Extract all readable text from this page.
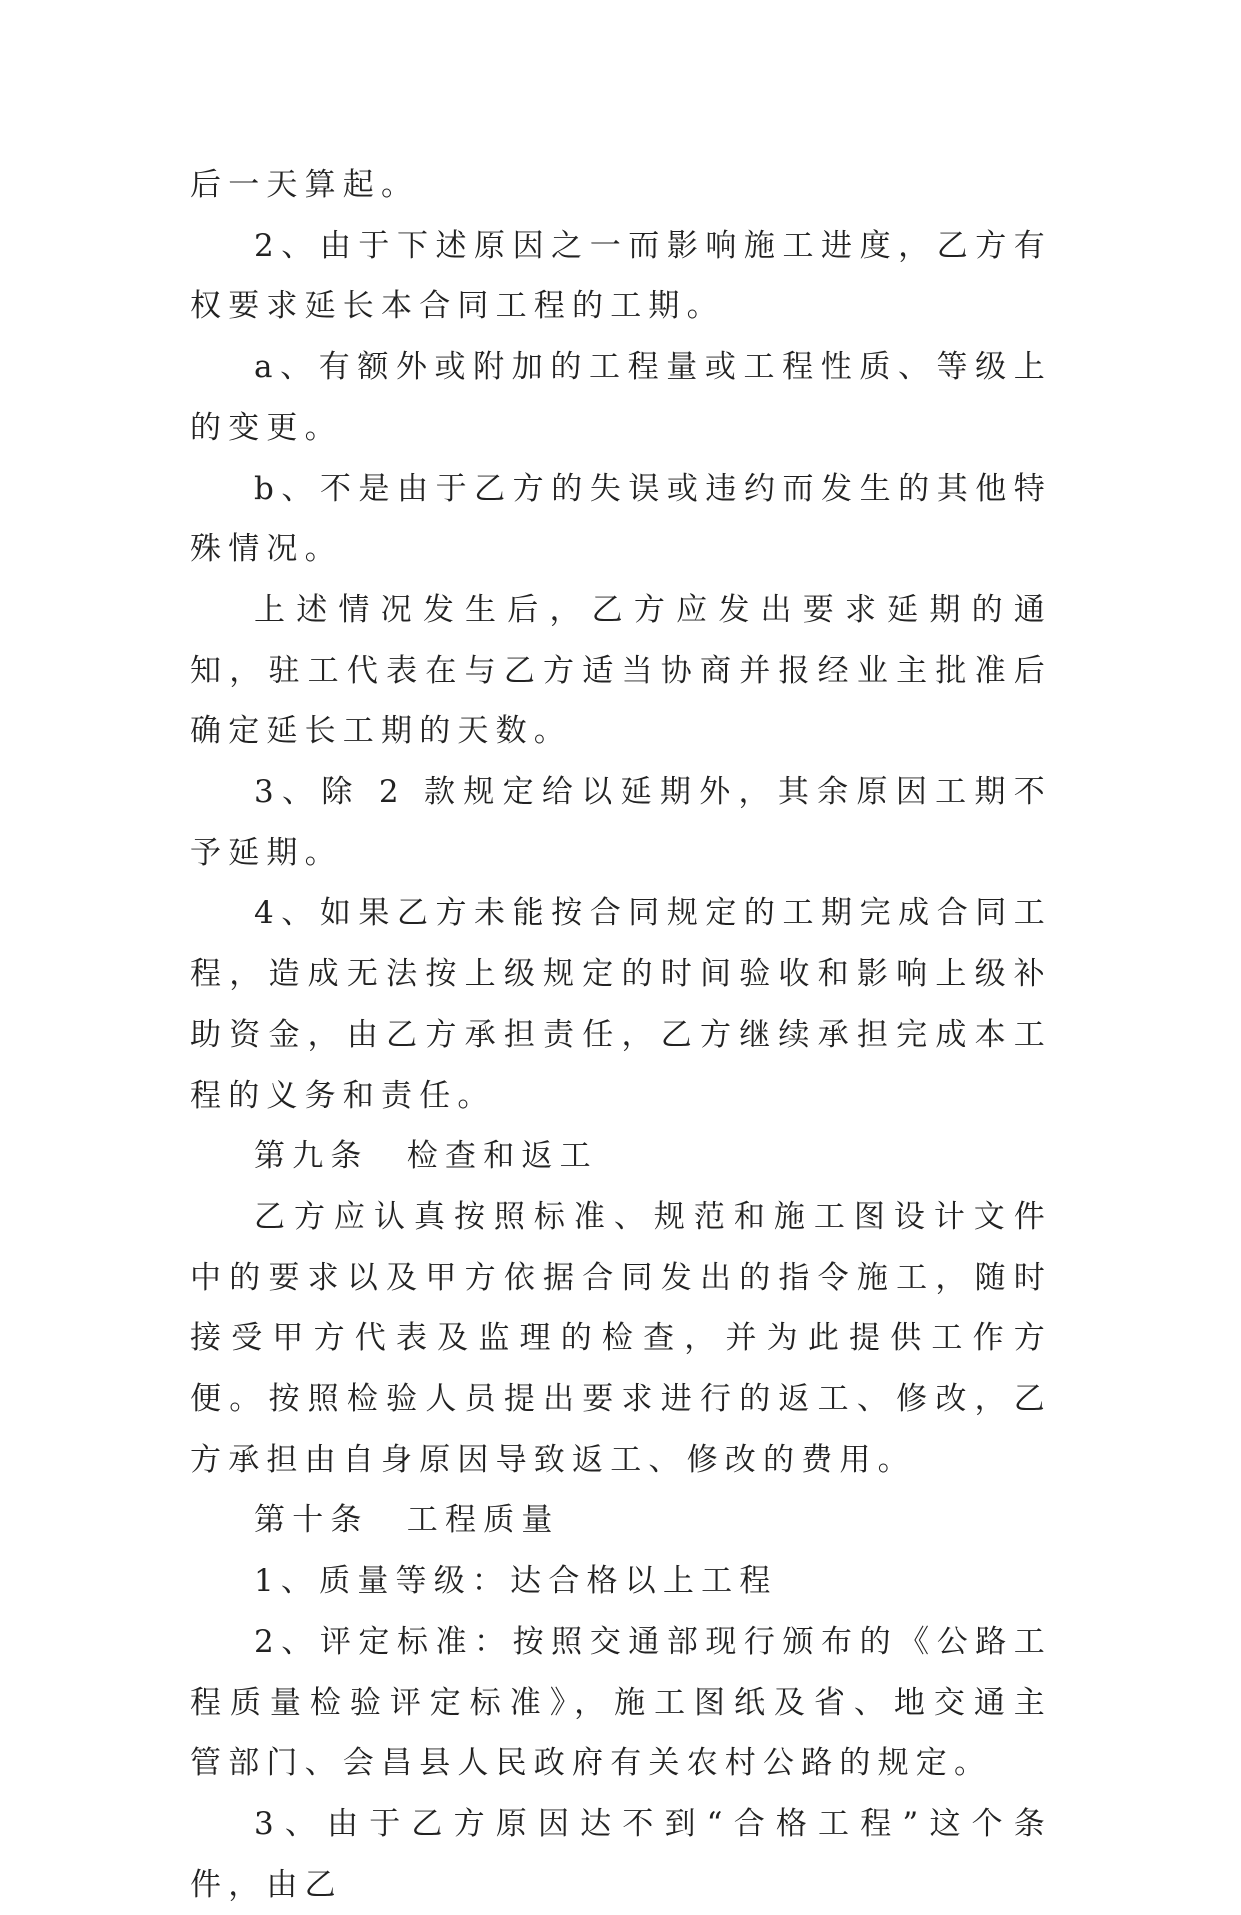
后一天算起。

2、由于下述原因之一而影响施工进度，乙方有权要求延长本合同工程的工期。

a、有额外或附加的工程量或工程性质、等级上的变更。

b、不是由于乙方的失误或违约而发生的其他特殊情况。

上述情况发生后，乙方应发出要求延期的通知，驻工代表在与乙方适当协商并报经业主批准后确定延长工期的天数。

3、除 2 款规定给以延期外，其余原因工期不予延期。

4、如果乙方未能按合同规定的工期完成合同工程，造成无法按上级规定的时间验收和影响上级补助资金，由乙方承担责任，乙方继续承担完成本工程的义务和责任。

第九条　检查和返工

乙方应认真按照标准、规范和施工图设计文件中的要求以及甲方依据合同发出的指令施工，随时接受甲方代表及监理的检查，并为此提供工作方便。按照检验人员提出要求进行的返工、修改，乙方承担由自身原因导致返工、修改的费用。

第十条　工程质量

1、质量等级：达合格以上工程

2、评定标准：按照交通部现行颁布的《公路工程质量检验评定标准》，施工图纸及省、地交通主管部门、会昌县人民政府有关农村公路的规定。

3、由于乙方原因达不到“合格工程”这个条件，由乙
